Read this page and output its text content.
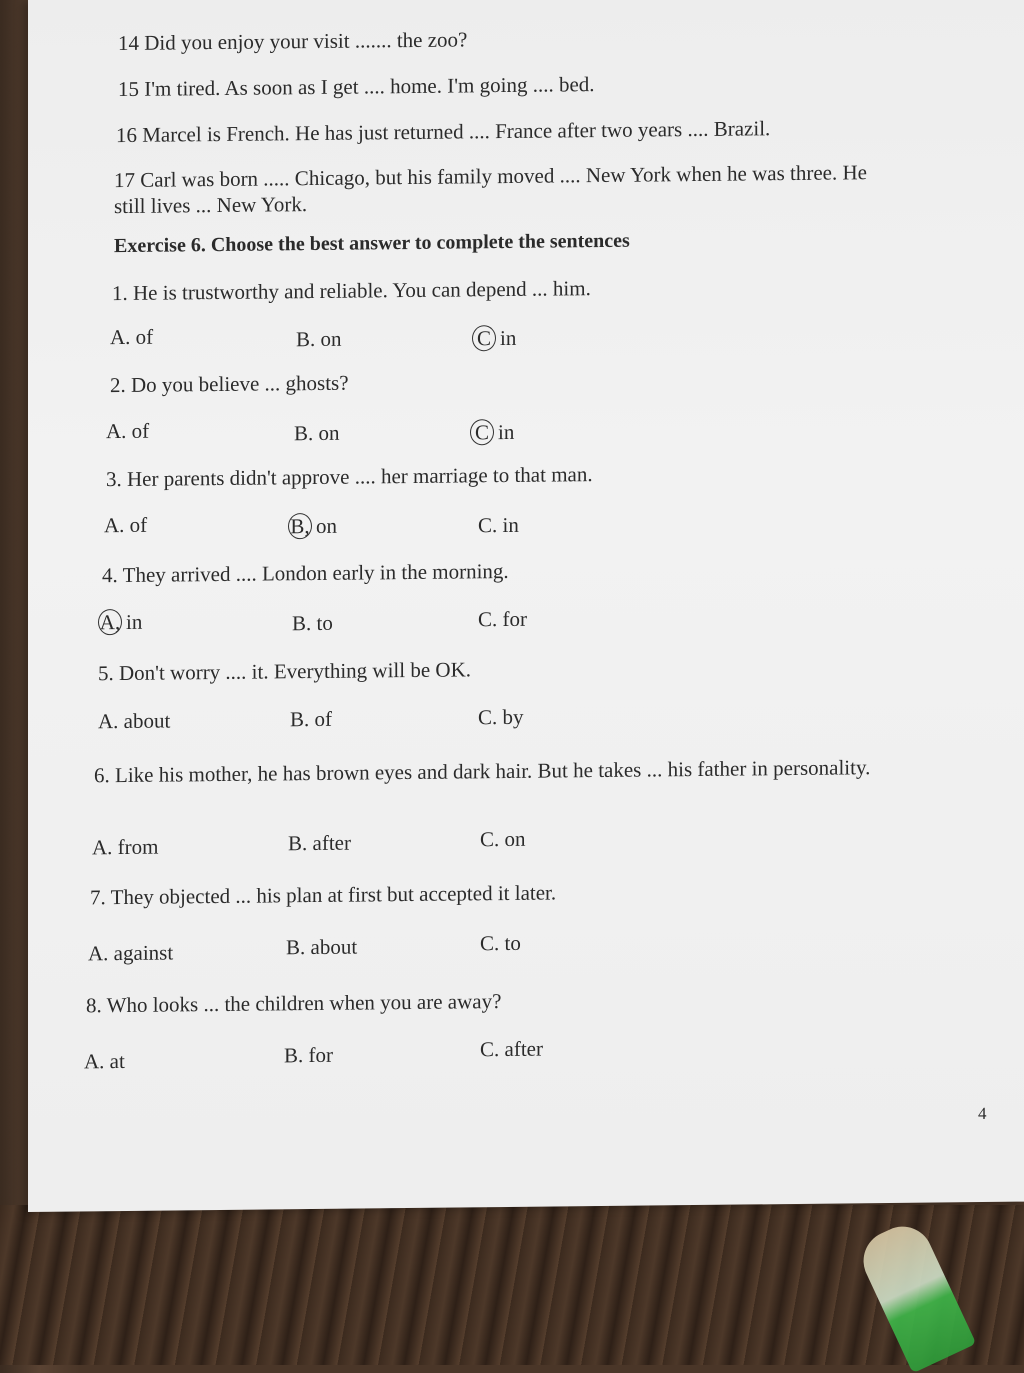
14 Did you enjoy your visit ....... the zoo?
15 I'm tired. As soon as I get .... home. I'm going .... bed.
16 Marcel is French. He has just returned .... France after two years .... Brazil.
17 Carl was born ..... Chicago, but his family moved .... New York when he was three. He still lives ... New York.
Exercise 6. Choose the best answer to complete the sentences
1. He is trustworthy and reliable. You can depend ... him.
A. of	B. on	C in
2. Do you believe ... ghosts?
A. of	B. on	C in
3. Her parents didn't approve .... her marriage to that man.
A. of	B, on	C. in
4. They arrived .... London early in the morning.
A, in	B. to	C. for
5. Don't worry .... it. Everything will be OK.
A. about	B. of	C. by
6. Like his mother, he has brown eyes and dark hair. But he takes ... his father in personality.
A. from	B. after	C. on
7. They objected ... his plan at first but accepted it later.
A. against	B. about	C. to
8. Who looks ... the children when you are away?
A. at	B. for	C. after
4
